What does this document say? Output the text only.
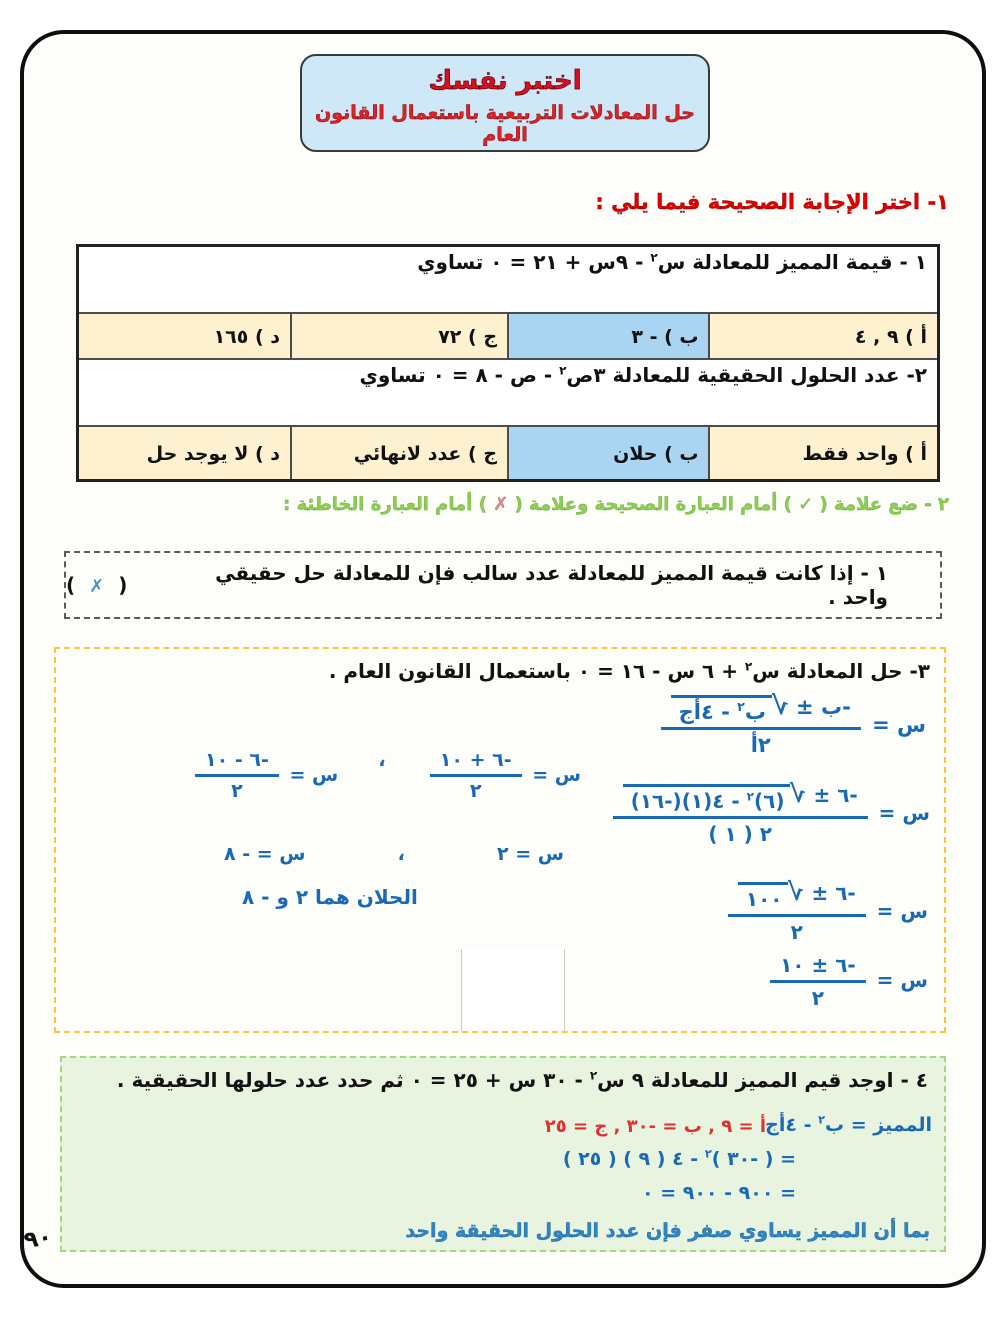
اختبر نفسك
حل المعادلات التربيعية باستعمال القانون العام
١- اختر الإجابة الصحيحة فيما يلي :
١ - قيمة المميز للمعادلة س$^٢$ - ٩س + ٢١ = ٠ تساوي			
أ ) ٩ , ٤	ب ) - ٣	ج ) ٧٢	د ) ١٦٥
٢- عدد الحلول الحقيقية للمعادلة ٣ص$^٢$ - ص - ٨ = ٠ تساوي			
أ ) واحد فقط	ب ) حلان	ج ) عدد لانهائي	د ) لا يوجد حل
٢ - ضع علامة ( ✓ ) أمام العبارة الصحيحة وعلامة ( ✗ ) أمام العبارة الخاطئة :
١ - إذا كانت قيمة المميز للمعادلة عدد سالب فإن للمعادلة حل حقيقي واحد .
(✗)
٣- حل المعادلة س$^٢$ + ٦ س - ١٦ = ٠ باستعمال القانون العام .
س =
-ب ±
√
ب$^٢$ - ٤أج
٢أ
س =
-٦ ±
√
(٦)$^٢$ - ٤(١)(-١٦)
٢ ( ١ )
س =
$\frac{-٦ + ١٠}{٢}$
،
س =
$\frac{-٦ - ١٠}{٢}$
س = ٢
،
س = - ٨
الحلان هما ٢ و - ٨
س =
-٦ ±
√
١٠٠
٢
س =
$\frac{-٦ \pm ١٠}{٢}$
٤ - اوجد قيم المميز للمعادلة ٩ س$^٢$ - ٣٠ س + ٢٥ = ٠ ثم حدد عدد حلولها الحقيقية .
المميز = ب$^٢$ - ٤أج
أ = ٩ , ب = -٣٠ , ج = ٢٥
= ( -٣٠ )$^٢$ - ٤ ( ٩ ) ( ٢٥ )
= ٩٠٠ - ٩٠٠ = ٠
بما أن المميز يساوي صفر فإن عدد الحلول الحقيقة واحد
٩٠
